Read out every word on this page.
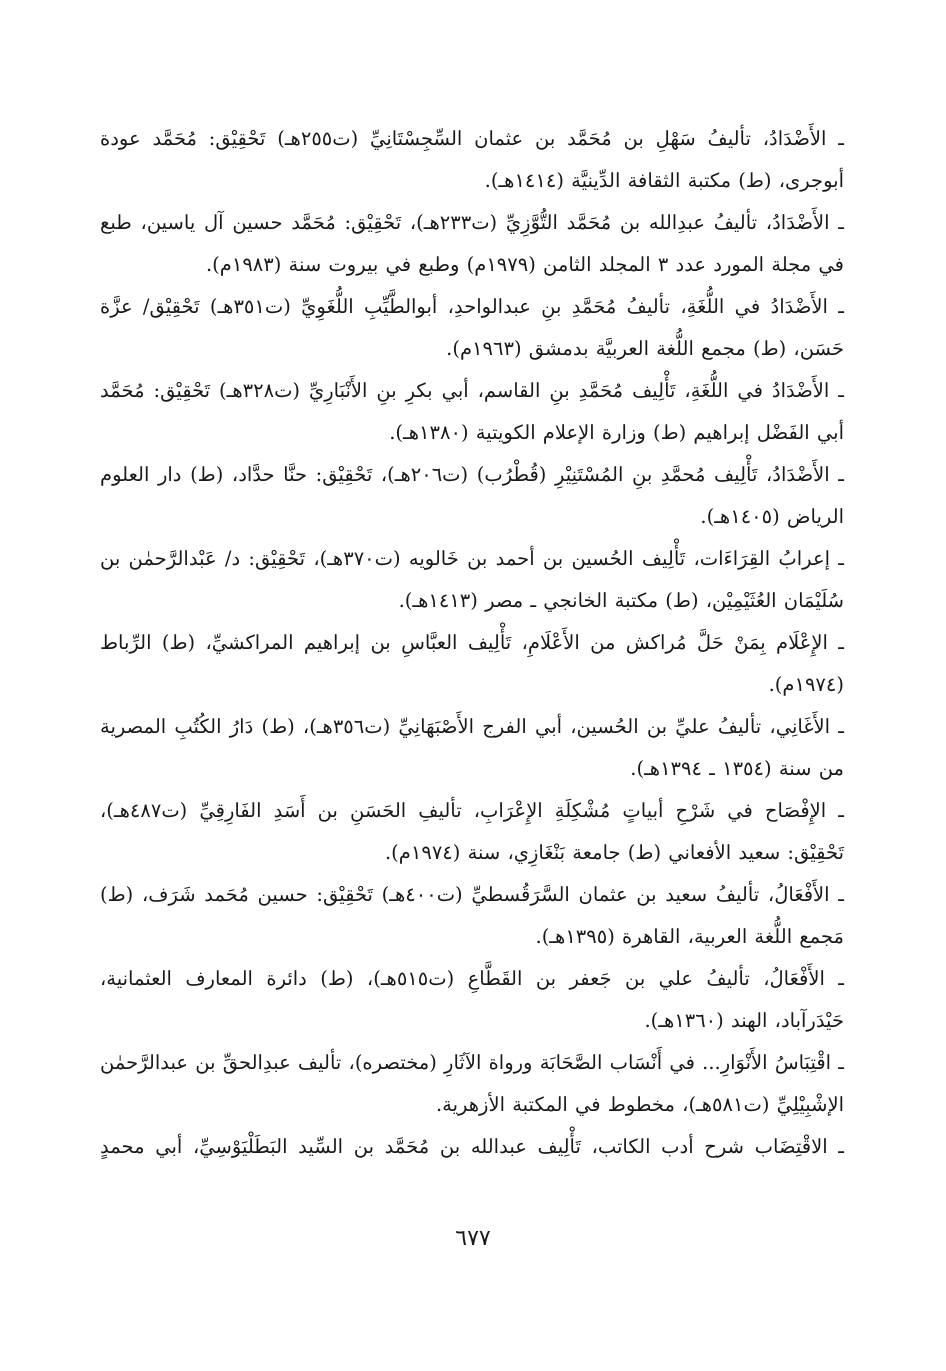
ـ الأَضْدَادُ، تأليفُ سَهْلِ بن مُحَمَّد بن عثمان السِّجِسْتَانِيِّ (ت٢٥٥هـ) تَحْقِيْق: مُحَمَّد عودة أبوجرى، (ط) مكتبة الثقافة الدِّينيَّة (١٤١٤هـ).

ـ الأَضْدَادُ، تأليفُ عبدِالله بن مُحَمَّد التُّوَّزِيِّ (ت٢٣٣هـ)، تَحْقِيْق: مُحَمَّد حسين آل ياسين، طبع في مجلة المورد عدد ٣ المجلد الثامن (١٩٧٩م) وطبع في بيروت سنة (١٩٨٣م).

ـ الأَضْدَادُ في اللُّغَةِ، تأليفُ مُحَمَّدِ بنِ عبدالواحدِ، أبوالطَّيِّبِ اللُّغَوِيِّ (ت٣٥١هـ) تَحْقِيْق/ عزَّة حَسَن، (ط) مجمع اللُّغة العربيَّة بدمشق (١٩٦٣م).

ـ الأَضْدَادُ في اللُّغَةِ، تَأْلِيف مُحَمَّدِ بنِ القاسم، أبي بكرِ بنِ الأَنْبَارِيِّ (ت٣٢٨هـ) تَحْقِيْق: مُحَمَّد أبي الفَضْل إبراهيم (ط) وزارة الإعلام الكويتية (١٣٨٠هـ).

ـ الأَضْدَادُ، تَأْلِيف مُحمَّدِ بنِ المُسْتَنِيْرِ (قُطْرُب) (ت٢٠٦هـ)، تَحْقِيْق: حنَّا حدَّاد، (ط) دار العلوم الرياض (١٤٠٥هـ).

ـ إعرابُ القِرَاءَات، تَأْلِيف الحُسين بن أحمد بن خَالويه (ت٣٧٠هـ)، تَحْقِيْق: د/ عَبْدالرَّحمٰن بن سُلَيْمَان العُثَيْمِيْن، (ط) مكتبة الخانجي ـ مصر (١٤١٣هـ).

ـ الإِعْلَام بِمَنْ حَلَّ مُراكش من الأَعْلَامِ، تَأْلِيف العبَّاسِ بن إبراهيم المراكشيِّ، (ط) الرِّباط (١٩٧٤م).

ـ الأَغَانِي، تأليفُ عليِّ بن الحُسين، أبي الفرج الأَصْبَهَانِيِّ (ت٣٥٦هـ)، (ط) دَارُ الكُتُبِ المصرية من سنة (١٣٥٤ ـ ١٣٩٤هـ).

ـ الإِفْصَاح في شَرْحِ أبياتٍ مُشْكِلَةِ الإِعْرَابِ، تأليفِ الحَسَنِ بن أَسَدِ الفَارِقِيِّ (ت٤٨٧هـ)، تَحْقِيْق: سعيد الأفعاني (ط) جامعة بَنْغَازِي، سنة (١٩٧٤م).

ـ الأَفْعَالُ، تأليفُ سعيد بن عثمان السَّرَقُسطيِّ (ت٤٠٠هـ) تَحْقِيْق: حسين مُحَمد شَرَف، (ط) مَجمع اللُّغة العربية، القاهرة (١٣٩٥هـ).

ـ الأَفْعَالُ، تأليفُ علي بن جَعفر بن القَطَّاعِ (ت٥١٥هـ)، (ط) دائرة المعارف العثمانية، حَيْدَرآباد، الهند (١٣٦٠هـ).

ـ اقْتِبَاسُ الأَنْوَارِ... في أَنْسَاب الصَّحَابَة ورواة الآثَارِ (مختصره)، تأليف عبدِالحقِّ بن عبدالرَّحمٰن الإشْبِيْلِيِّ (ت٥٨١هـ)، مخطوط في المكتبة الأزهرية.

ـ الاقْتِضَاب شرح أدب الكاتب، تَأْلِيف عبدالله بن مُحَمَّد بن السِّيد البَطَلْيَوْسِيِّ، أبي محمدٍ

٦٧٧
